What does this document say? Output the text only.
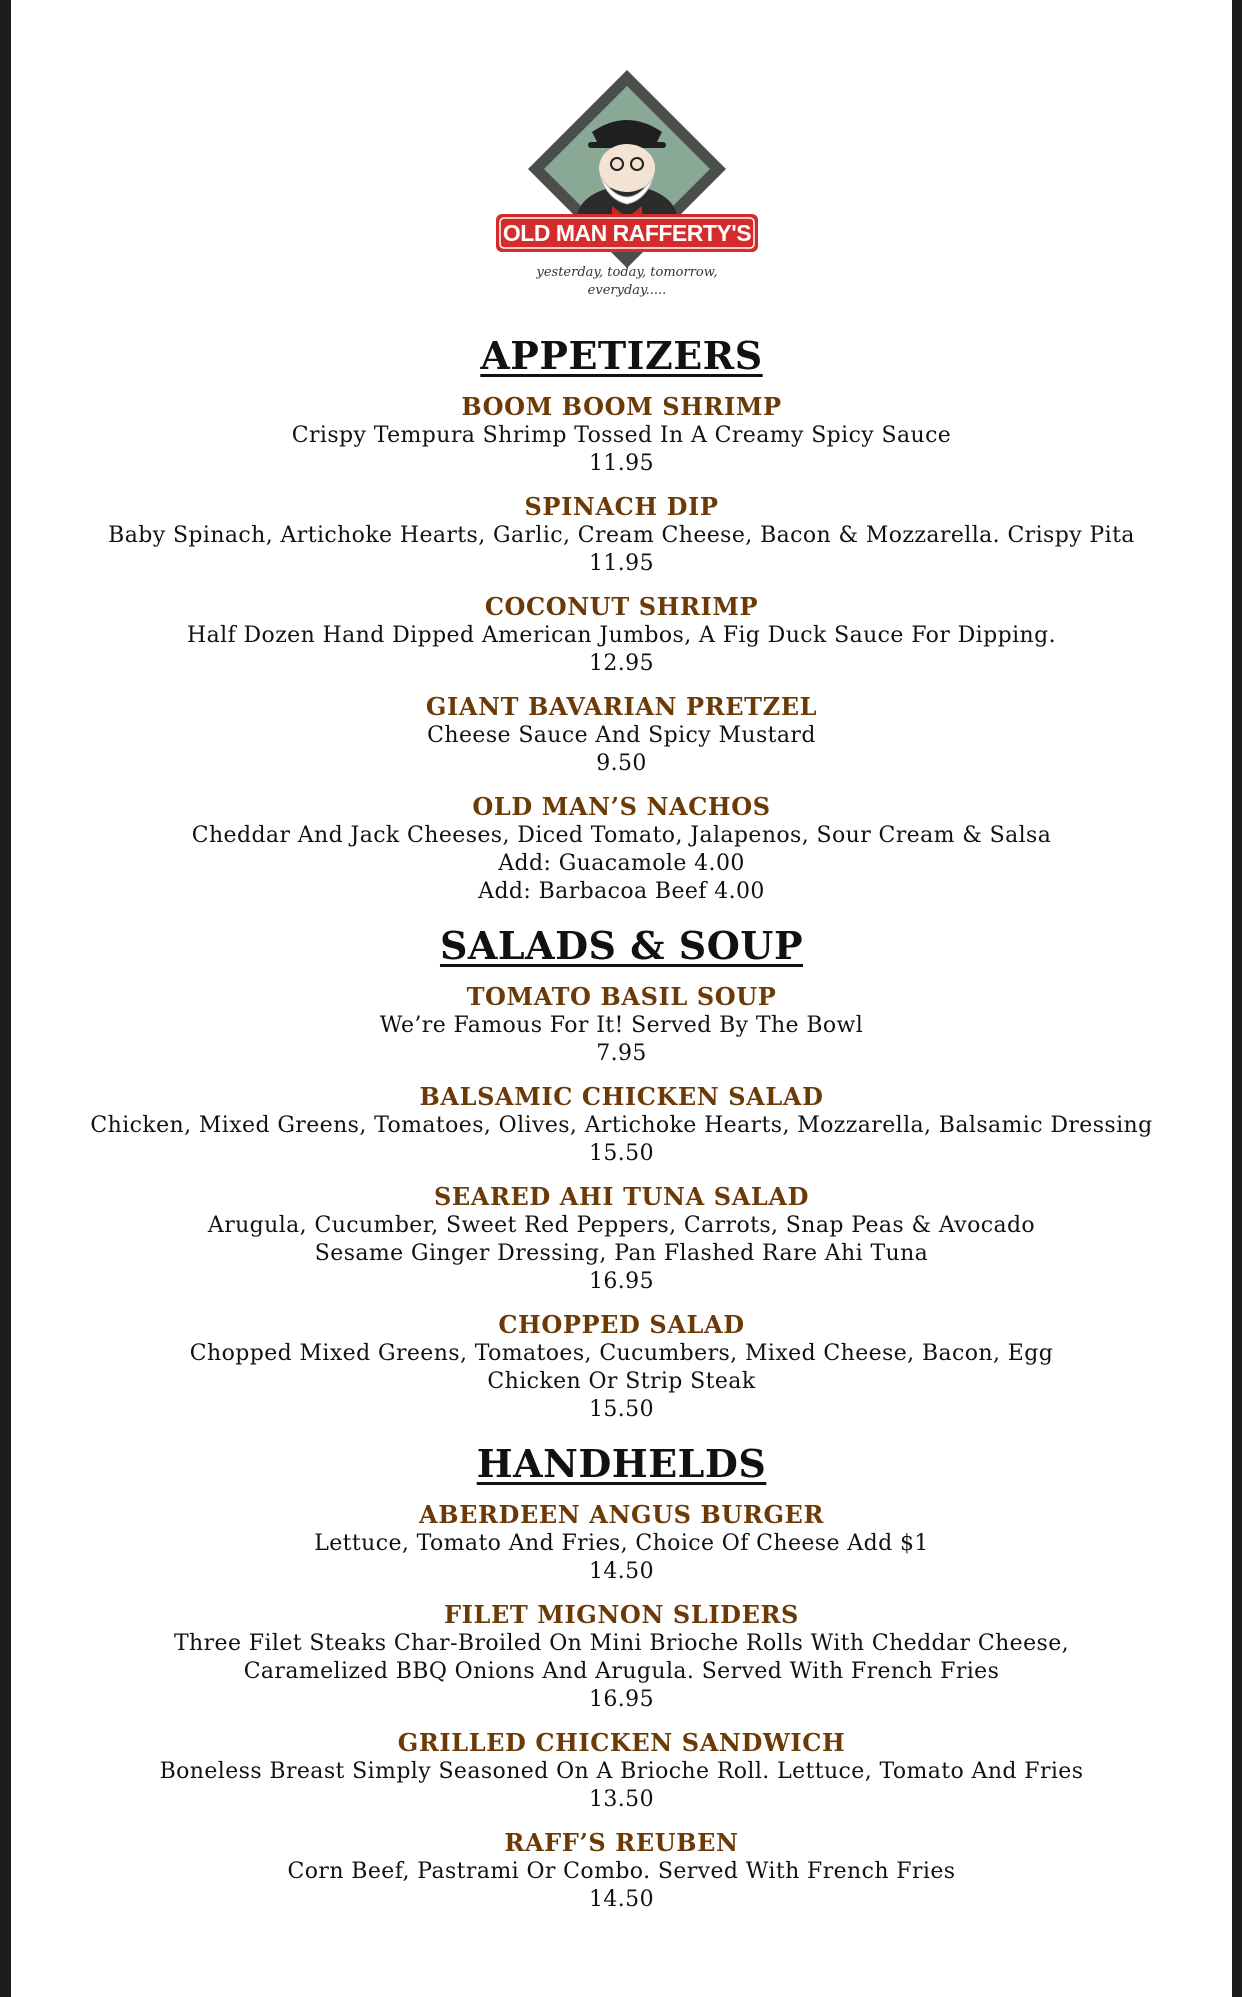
OLD MAN RAFFERTY'S
yesterday, today, tomorrow, everyday.....
APPETIZERS
BOOM BOOM SHRIMP
Crispy Tempura Shrimp Tossed In A Creamy Spicy Sauce
11.95
SPINACH DIP
Baby Spinach, Artichoke Hearts, Garlic, Cream Cheese, Bacon & Mozzarella. Crispy Pita
11.95
COCONUT SHRIMP
Half Dozen Hand Dipped American Jumbos, A Fig Duck Sauce For Dipping.
12.95
GIANT BAVARIAN PRETZEL
Cheese Sauce And Spicy Mustard
9.50
OLD MAN’S NACHOS
Cheddar And Jack Cheeses, Diced Tomato, Jalapenos, Sour Cream & Salsa
Add: Guacamole 4.00
Add: Barbacoa Beef 4.00
SALADS & SOUP
TOMATO BASIL SOUP
We’re Famous For It! Served By The Bowl
7.95
BALSAMIC CHICKEN SALAD
Chicken, Mixed Greens, Tomatoes, Olives, Artichoke Hearts, Mozzarella, Balsamic Dressing
15.50
SEARED AHI TUNA SALAD
Arugula, Cucumber, Sweet Red Peppers, Carrots, Snap Peas & Avocado
Sesame Ginger Dressing, Pan Flashed Rare Ahi Tuna
16.95
CHOPPED SALAD
Chopped Mixed Greens, Tomatoes, Cucumbers, Mixed Cheese, Bacon, Egg
Chicken Or Strip Steak
15.50
HANDHELDS
ABERDEEN ANGUS BURGER
Lettuce, Tomato And Fries, Choice Of Cheese Add $1
14.50
FILET MIGNON SLIDERS
Three Filet Steaks Char-Broiled On Mini Brioche Rolls With Cheddar Cheese,
Caramelized BBQ Onions And Arugula. Served With French Fries
16.95
GRILLED CHICKEN SANDWICH
Boneless Breast Simply Seasoned On A Brioche Roll. Lettuce, Tomato And Fries
13.50
RAFF’S REUBEN
Corn Beef, Pastrami Or Combo. Served With French Fries
14.50
